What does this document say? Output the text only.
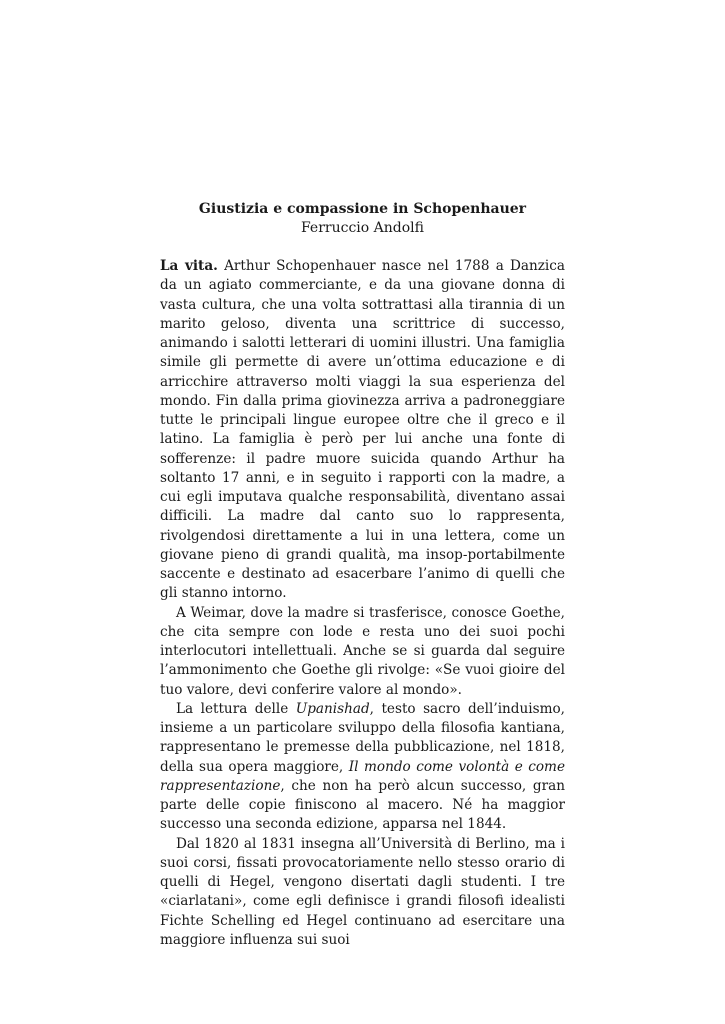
Giustizia e compassione in Schopenhauer

Ferruccio Andolfi

La vita. Arthur Schopenhauer nasce nel 1788 a Danzica da un agiato commerciante, e da una giovane donna di vasta cultura, che una volta sottrattasi alla tirannia di un marito geloso, diventa una scrittrice di successo, animando i salotti letterari di uomini illustri. Una famiglia simile gli permette di avere un’ottima educazione e di arricchire attraverso molti viaggi la sua esperienza del mondo. Fin dalla prima giovinezza arriva a padroneggiare tutte le principali lingue europee oltre che il greco e il latino. La famiglia è però per lui anche una fonte di sofferenze: il padre muore suicida quando Arthur ha soltanto 17 anni, e in seguito i rapporti con la madre, a cui egli imputava qualche responsabilità, diventano assai difficili. La madre dal canto suo lo rappresenta, rivolgendosi direttamente a lui in una lettera, come un giovane pieno di grandi qualità, ma insop-portabilmente saccente e destinato ad esacerbare l’animo di quelli che gli stanno intorno.

A Weimar, dove la madre si trasferisce, conosce Goethe, che cita sempre con lode e resta uno dei suoi pochi interlocutori intellettuali. Anche se si guarda dal seguire l’ammonimento che Goethe gli rivolge: «Se vuoi gioire del tuo valore, devi conferire valore al mondo».

La lettura delle Upanishad, testo sacro dell’induismo, insieme a un particolare sviluppo della filosofia kantiana, rappresentano le premesse della pubblicazione, nel 1818, della sua opera maggiore, Il mondo come volontà e come rappresentazione, che non ha però alcun successo, gran parte delle copie finiscono al macero. Né ha maggior successo una seconda edizione, apparsa nel 1844.

Dal 1820 al 1831 insegna all’Università di Berlino, ma i suoi corsi, fissati provocatoriamente nello stesso orario di quelli di Hegel, vengono disertati dagli studenti. I tre «ciarlatani», come egli definisce i grandi filosofi idealisti Fichte Schelling ed Hegel continuano ad esercitare una maggiore influenza sui suoi
